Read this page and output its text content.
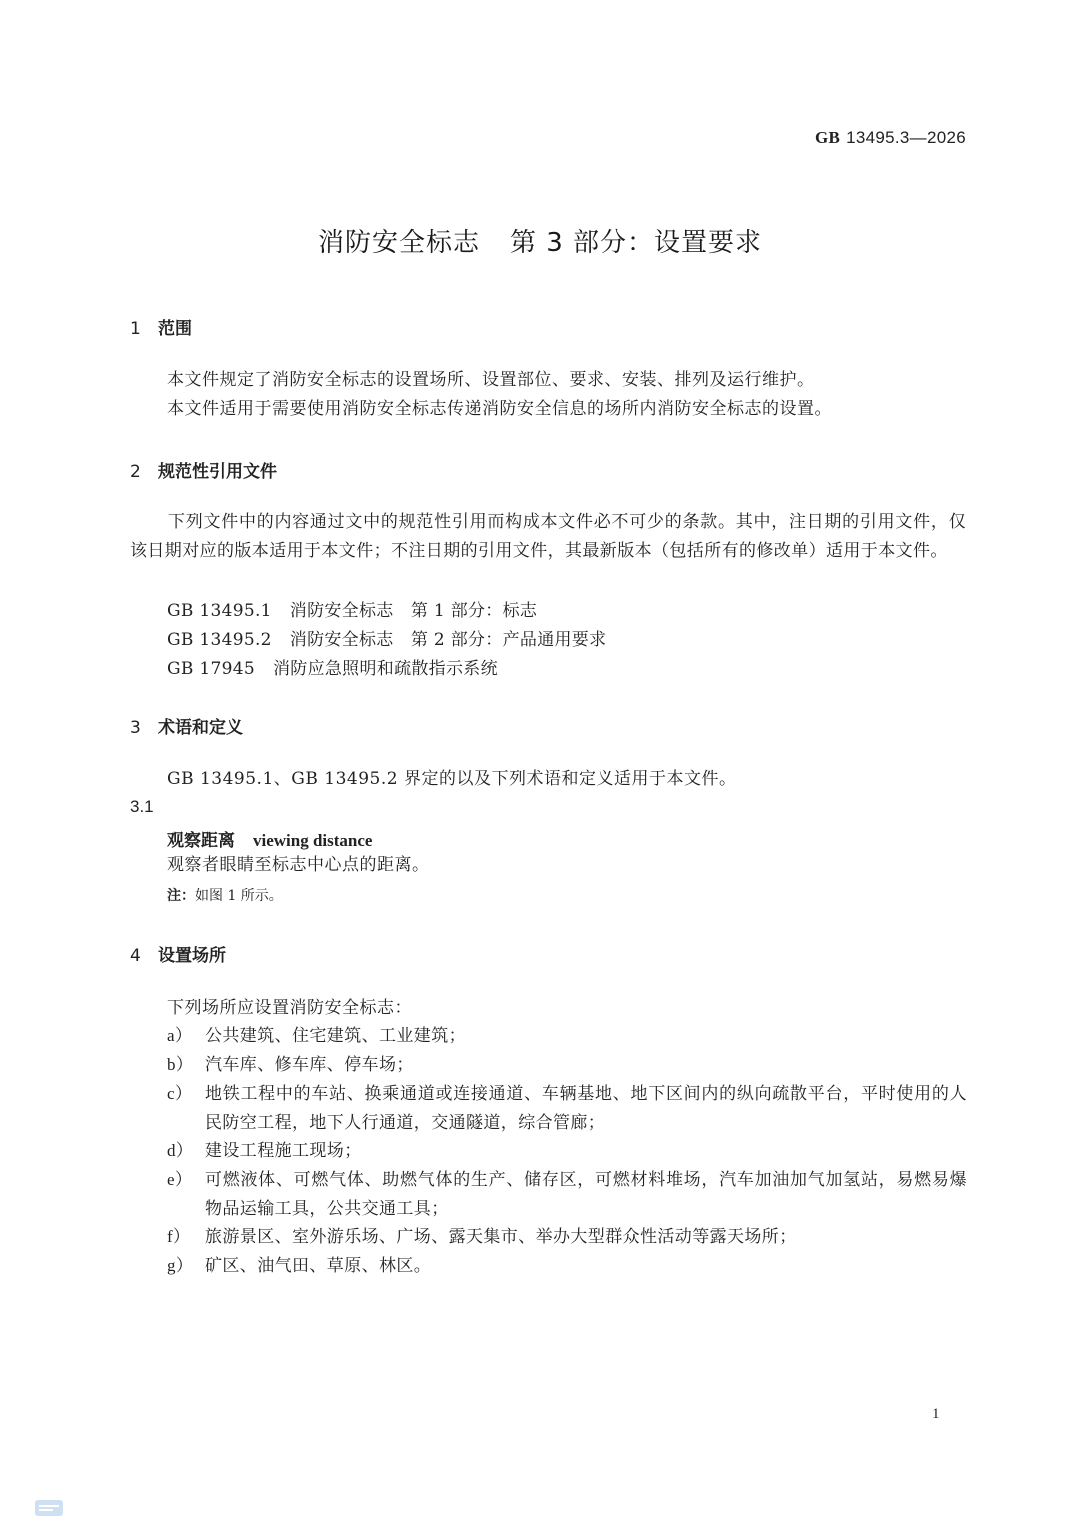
GB 13495.3—2026
消防安全标志 第 3 部分：设置要求
1 范围
本文件规定了消防安全标志的设置场所、设置部位、要求、安装、排列及运行维护。
本文件适用于需要使用消防安全标志传递消防安全信息的场所内消防安全标志的设置。
2 规范性引用文件
下列文件中的内容通过文中的规范性引用而构成本文件必不可少的条款。其中，注日期的引用文件，仅该日期对应的版本适用于本文件；不注日期的引用文件，其最新版本（包括所有的修改单）适用于本文件。
GB 13495.1 消防安全标志　第 1 部分：标志
GB 13495.2 消防安全标志　第 2 部分：产品通用要求
GB 17945 消防应急照明和疏散指示系统
3 术语和定义
GB 13495.1、GB 13495.2 界定的以及下列术语和定义适用于本文件。
3.1
观察距离 viewing distance
观察者眼睛至标志中心点的距离。
注：如图 1 所示。
4 设置场所
下列场所应设置消防安全标志：
a） 公共建筑、住宅建筑、工业建筑；
b） 汽车库、修车库、停车场；
c） 地铁工程中的车站、换乘通道或连接通道、车辆基地、地下区间内的纵向疏散平台，平时使用的人民防空工程，地下人行通道，交通隧道，综合管廊；
d） 建设工程施工现场；
e） 可燃液体、可燃气体、助燃气体的生产、储存区，可燃材料堆场，汽车加油加气加氢站，易燃易爆物品运输工具，公共交通工具；
f） 旅游景区、室外游乐场、广场、露天集市、举办大型群众性活动等露天场所；
g） 矿区、油气田、草原、林区。
1
